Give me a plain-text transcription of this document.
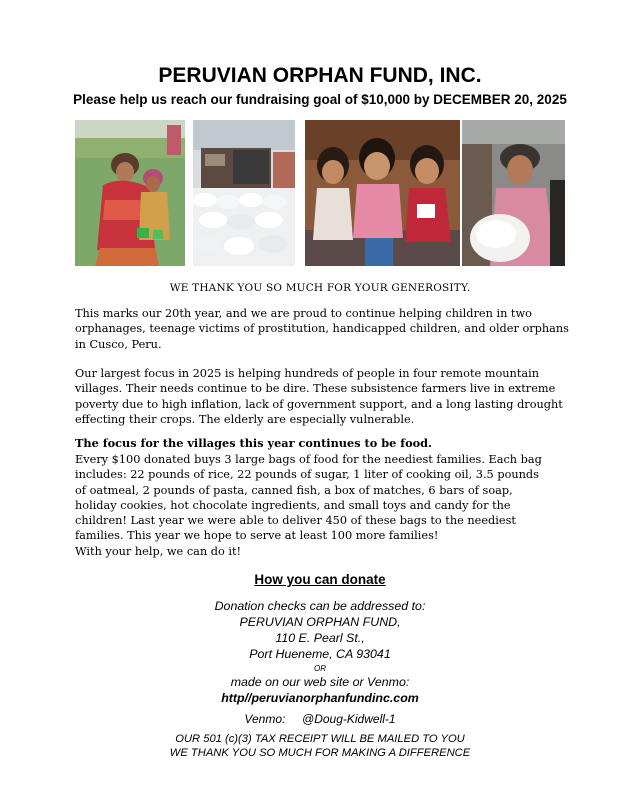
PERUVIAN ORPHAN FUND, INC.
Please help us reach our fundraising goal of $10,000 by DECEMBER 20, 2025
WE THANK YOU SO MUCH FOR YOUR GENEROSITY.
This marks our 20th year, and we are proud to continue helping children in two orphanages, teenage victims of prostitution, handicapped children, and older orphans in Cusco, Peru.
Our largest focus in 2025 is helping hundreds of people in four remote mountain villages. Their needs continue to be dire. These subsistence farmers live in extreme poverty due to high inflation, lack of government support, and a long lasting drought effecting their crops. The elderly are especially vulnerable.
The focus for the villages this year continues to be food.
Every $100 donated buys 3 large bags of food for the neediest families. Each bag
includes: 22 pounds of rice, 22 pounds of sugar, 1 liter of cooking oil, 3.5 pounds
of oatmeal, 2 pounds of pasta, canned fish, a box of matches, 6 bars of soap,
holiday cookies, hot chocolate ingredients, and small toys and candy for the
children! Last year we were able to deliver 450 of these bags to the neediest
families. This year we hope to serve at least 100 more families!
With your help, we can do it!
How you can donate
Donation checks can be addressed to:
PERUVIAN ORPHAN FUND,
110 E. Pearl St.,
Port Hueneme, CA 93041
OR
made on our web site or Venmo:
http//peruvianorphanfundinc.com
Venmo: @Doug-Kidwell-1
OUR 501 (c)(3) TAX RECEIPT WILL BE MAILED TO YOU
WE THANK YOU SO MUCH FOR MAKING A DIFFERENCE
